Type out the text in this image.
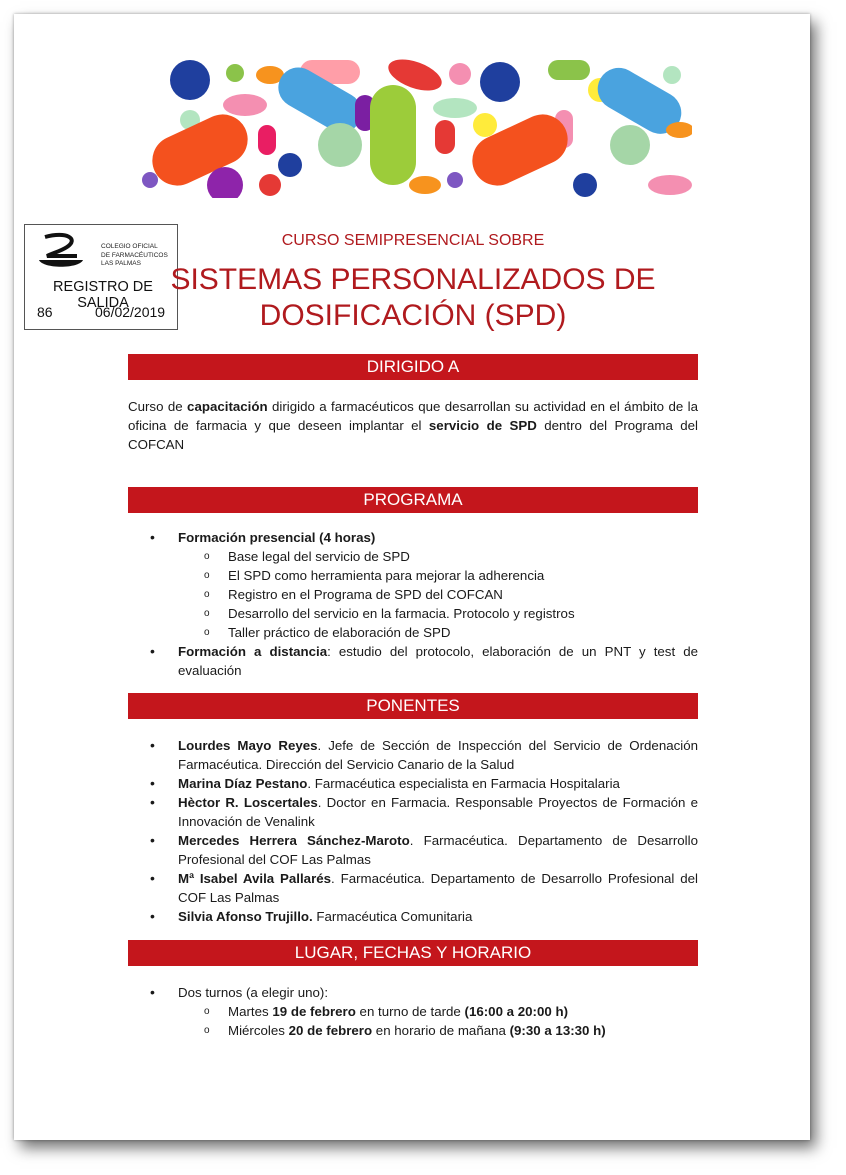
COLEGIO OFICIAL
DE FARMACÉUTICOS
LAS PALMAS
REGISTRO DE SALIDA
86	06/02/2019
CURSO SEMIPRESENCIAL SOBRE
SISTEMAS PERSONALIZADOS DE
DOSIFICACIÓN (SPD)
DIRIGIDO A
Curso de capacitación dirigido a farmacéuticos que desarrollan su actividad en el ámbito de la oficina de farmacia y que deseen implantar el servicio de SPD dentro del Programa del COFCAN
PROGRAMA
• Formación presencial (4 horas)
o Base legal del servicio de SPD
o El SPD como herramienta para mejorar la adherencia
o Registro en el Programa de SPD del COFCAN
o Desarrollo del servicio en la farmacia. Protocolo y registros
o Taller práctico de elaboración de SPD
• Formación a distancia: estudio del protocolo, elaboración de un PNT y test de evaluación
PONENTES
• Lourdes Mayo Reyes. Jefe de Sección de Inspección del Servicio de Ordenación Farmacéutica. Dirección del Servicio Canario de la Salud
• Marina Díaz Pestano. Farmacéutica especialista en Farmacia Hospitalaria
• Hèctor R. Loscertales. Doctor en Farmacia. Responsable Proyectos de Formación e Innovación de Venalink
• Mercedes Herrera Sánchez-Maroto. Farmacéutica. Departamento de Desarrollo Profesional del COF Las Palmas
• Mª Isabel Avila Pallarés. Farmacéutica. Departamento de Desarrollo Profesional del COF Las Palmas
• Silvia Afonso Trujillo. Farmacéutica Comunitaria
LUGAR, FECHAS Y HORARIO
• Dos turnos (a elegir uno):
o Martes 19 de febrero en turno de tarde (16:00 a 20:00 h)
o Miércoles 20 de febrero en horario de mañana (9:30 a 13:30 h)
